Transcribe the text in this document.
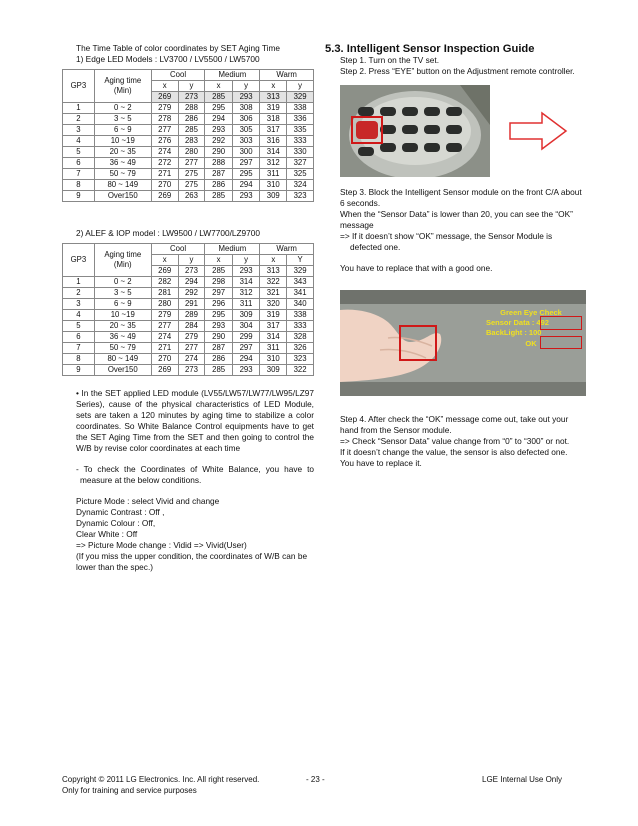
The Time Table of color coordinates by SET Aging Time
1) Edge LED Models : LV3700 / LV5500 / LW5700
GP3	Aging time (Min)	Cool		Medium		Warm	
		x	y	x	y	x	y
		269	273	285	293	313	329
1	0 ~ 2	279	288	295	308	319	338
2	3 ~ 5	278	286	294	306	318	336
3	6 ~ 9	277	285	293	305	317	335
4	10 ~19	276	283	292	303	316	333
5	20 ~ 35	274	280	290	300	314	330
6	36 ~ 49	272	277	288	297	312	327
7	50 ~ 79	271	275	287	295	311	325
8	80 ~ 149	270	275	286	294	310	324
9	Over150	269	263	285	293	309	323
2) ALEF & IOP model : LW9500 / LW7700/LZ9700
GP3	Aging time (Min)	Cool		Medium		Warm	
		x	y	x	y	x	Y
		269	273	285	293	313	329
1	0 ~ 2	282	294	298	314	322	343
2	3 ~ 5	281	292	297	312	321	341
3	6 ~ 9	280	291	296	311	320	340
4	10 ~19	279	289	295	309	319	338
5	20 ~ 35	277	284	293	304	317	333
6	36 ~ 49	274	279	290	299	314	328
7	50 ~ 79	271	277	287	297	311	326
8	80 ~ 149	270	274	286	294	310	323
9	Over150	269	273	285	293	309	322
• In the SET applied LED module (LV55/LW57/LW77/LW95/LZ97 Series), cause of the physical characteristics of LED Module, sets are taken a 120 minutes by aging time to stabilize a color coordinates. So White Balance Control equipments have to get the SET Aging Time from the SET and then going to control the W/B by revise color coordinates at each time
- To check the Coordinates of White Balance, you have to measure at the below conditions.
Picture Mode : select Vivid and change
Dynamic Contrast : Off ,
Dynamic Colour : Off,
Clear White : Off
=> Picture Mode change : Vidid => Vivid(User)
(If you miss the upper condition, the coordinates of W/B can be lower than the spec.)
5.3. Intelligent Sensor Inspection Guide
Step 1. Turn on the TV set.
Step 2. Press “EYE” button on the Adjustment remote controller.
Step 3. Block the Intelligent Sensor module on the front C/A about 6 seconds.
When the “Sensor Data” is lower than 20, you can see the “OK” message
=> If it doesn’t show “OK” message, the Sensor Module is defected one.
You have to replace that with a good one.
Green Eye Check
Sensor Data : 492
BackLight : 100
OK
Step 4. After check the “OK” message come out, take out your hand from the Sensor module.
=> Check “Sensor Data” value change from “0” to “300” or not.
If it doesn’t change the value, the sensor is also defected one.
You have to replace it.
Copyright © 2011 LG Electronics. Inc. All right reserved.
Only for training and service purposes
- 23 -	LGE Internal Use Only
